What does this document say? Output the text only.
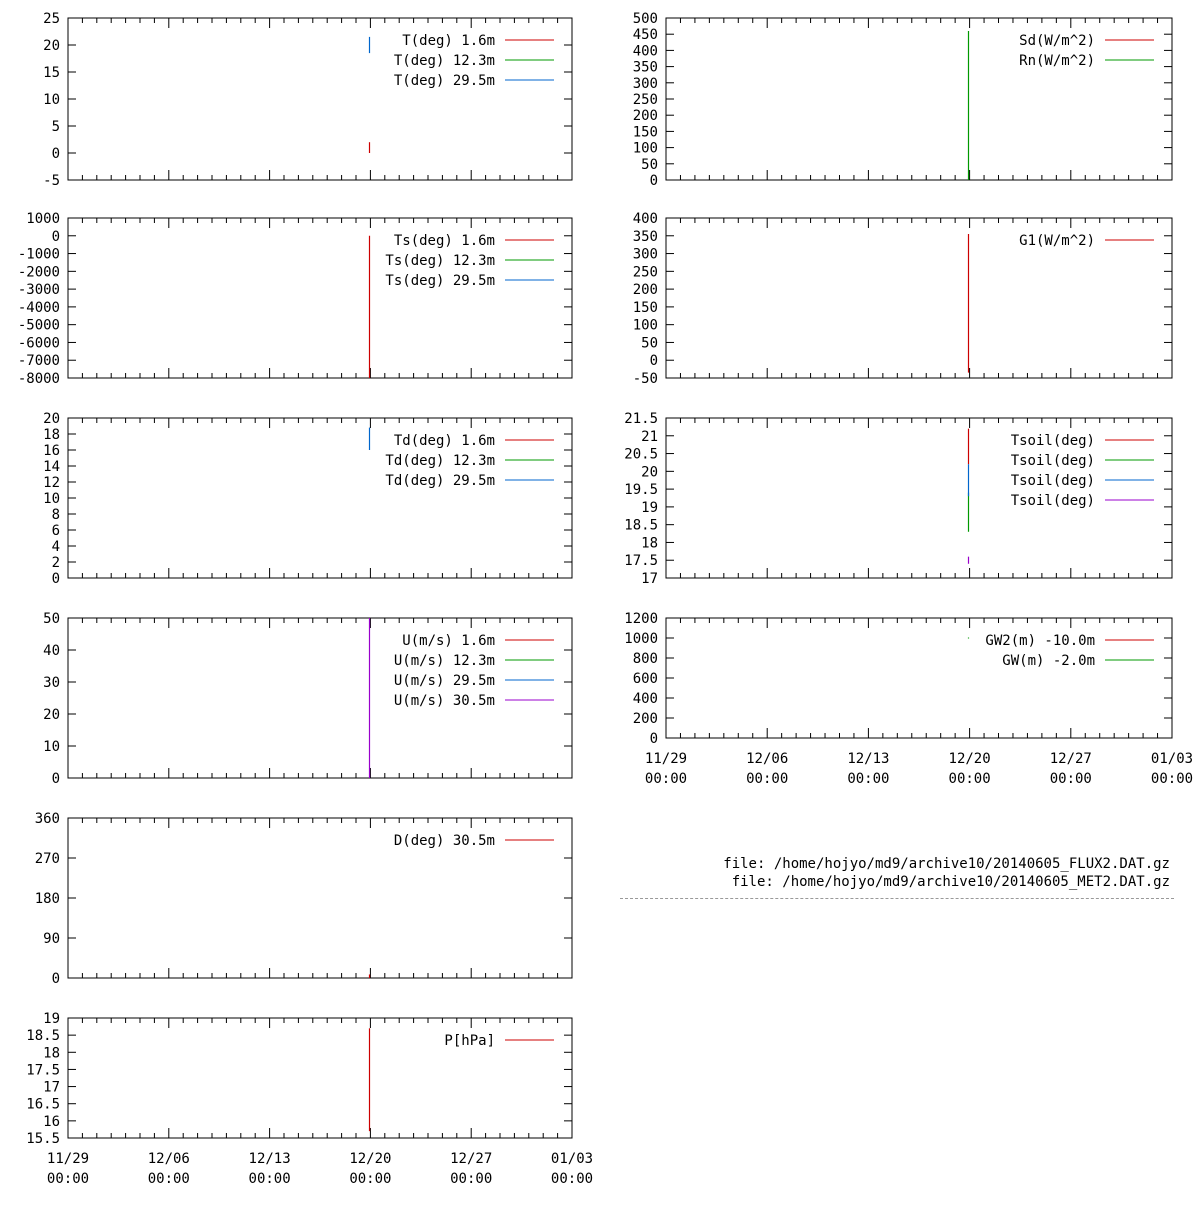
-5
0
5
10
15
20
25
T(deg) 1.6m
T(deg) 12.3m
T(deg) 29.5m
-8000
-7000
-6000
-5000
-4000
-3000
-2000
-1000
0
1000
Ts(deg) 1.6m
Ts(deg) 12.3m
Ts(deg) 29.5m
0
2
4
6
8
10
12
14
16
18
20
Td(deg) 1.6m
Td(deg) 12.3m
Td(deg) 29.5m
0
10
20
30
40
50
U(m/s) 1.6m
U(m/s) 12.3m
U(m/s) 29.5m
U(m/s) 30.5m
0
90
180
270
360
D(deg) 30.5m
15.5
16
16.5
17
17.5
18
18.5
19
11/29
00:00
12/06
00:00
12/13
00:00
12/20
00:00
12/27
00:00
01/03
00:00
P[hPa]
0
50
100
150
200
250
300
350
400
450
500
Sd(W/m^2)
Rn(W/m^2)
-50
0
50
100
150
200
250
300
350
400
G1(W/m^2)
17
17.5
18
18.5
19
19.5
20
20.5
21
21.5
Tsoil(deg)
Tsoil(deg)
Tsoil(deg)
Tsoil(deg)
0
200
400
600
800
1000
1200
11/29
00:00
12/06
00:00
12/13
00:00
12/20
00:00
12/27
00:00
01/03
00:00
GW2(m) -10.0m
GW(m) -2.0m
file: /home/hojyo/md9/archive10/20140605_FLUX2.DAT.gz
file: /home/hojyo/md9/archive10/20140605_MET2.DAT.gz
